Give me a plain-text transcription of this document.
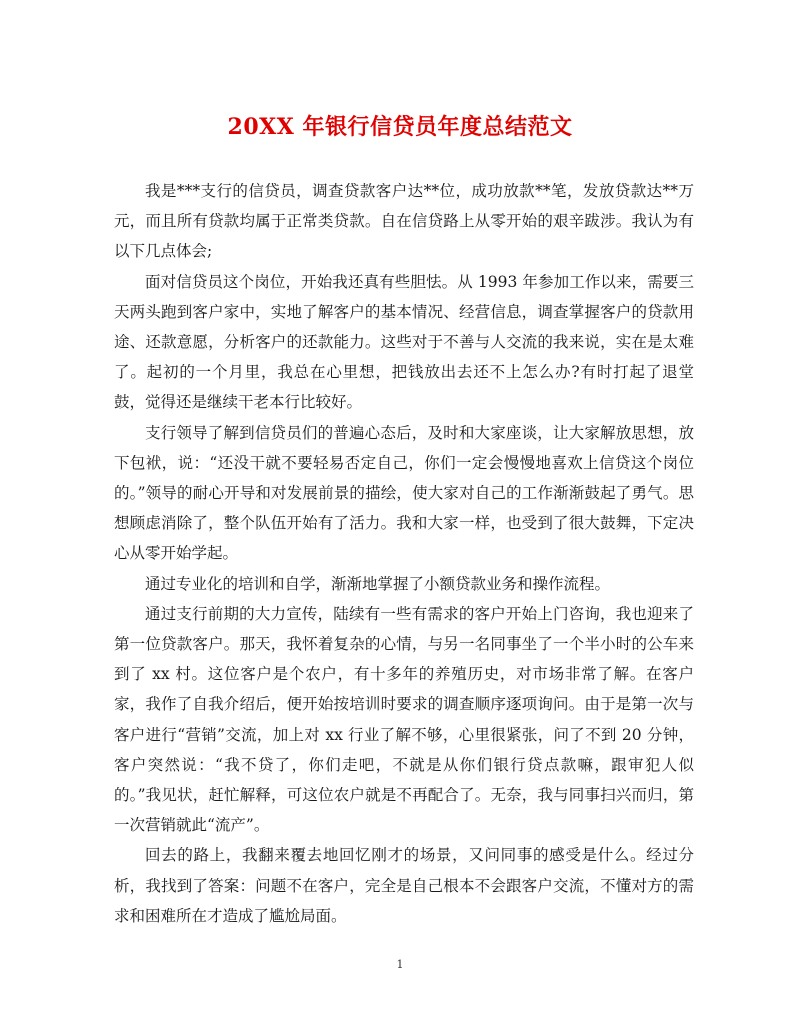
20XX 年银行信贷员年度总结范文

我是***支行的信贷员，调查贷款客户达**位，成功放款**笔，发放贷款达**万元，而且所有贷款均属于正常类贷款。自在信贷路上从零开始的艰辛跋涉。我认为有以下几点体会;

面对信贷员这个岗位，开始我还真有些胆怯。从 1993 年参加工作以来，需要三天两头跑到客户家中，实地了解客户的基本情况、经营信息，调查掌握客户的贷款用途、还款意愿，分析客户的还款能力。这些对于不善与人交流的我来说，实在是太难了。起初的一个月里，我总在心里想，把钱放出去还不上怎么办?有时打起了退堂鼓，觉得还是继续干老本行比较好。

支行领导了解到信贷员们的普遍心态后，及时和大家座谈，让大家解放思想，放下包袱，说：“还没干就不要轻易否定自己，你们一定会慢慢地喜欢上信贷这个岗位的。”领导的耐心开导和对发展前景的描绘，使大家对自己的工作渐渐鼓起了勇气。思想顾虑消除了，整个队伍开始有了活力。我和大家一样，也受到了很大鼓舞，下定决心从零开始学起。

通过专业化的培训和自学，渐渐地掌握了小额贷款业务和操作流程。

通过支行前期的大力宣传，陆续有一些有需求的客户开始上门咨询，我也迎来了第一位贷款客户。那天，我怀着复杂的心情，与另一名同事坐了一个半小时的公车来到了 xx 村。这位客户是个农户，有十多年的养殖历史，对市场非常了解。在客户家，我作了自我介绍后，便开始按培训时要求的调查顺序逐项询问。由于是第一次与客户进行“营销”交流，加上对 xx 行业了解不够，心里很紧张，问了不到 20 分钟，客户突然说：“我不贷了，你们走吧，不就是从你们银行贷点款嘛，跟审犯人似的。”我见状，赶忙解释，可这位农户就是不再配合了。无奈，我与同事扫兴而归，第一次营销就此“流产”。

回去的路上，我翻来覆去地回忆刚才的场景，又问同事的感受是什么。经过分析，我找到了答案：问题不在客户，完全是自己根本不会跟客户交流，不懂对方的需求和困难所在才造成了尴尬局面。

1
